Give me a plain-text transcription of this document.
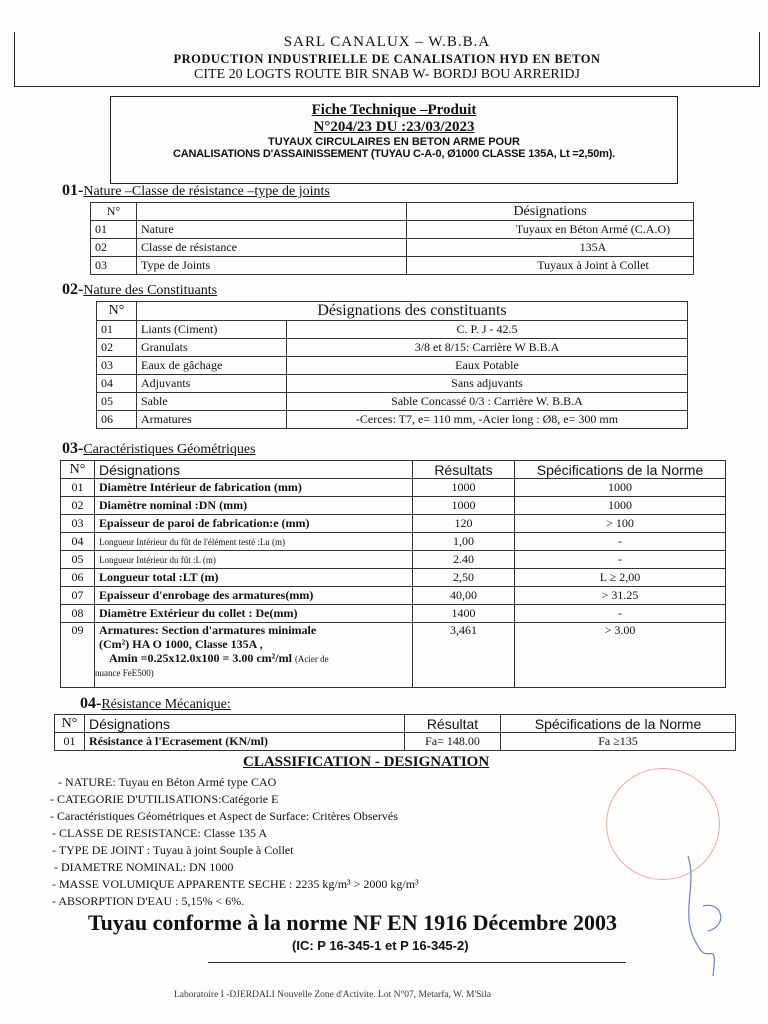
SARL CANALUX – W.B.B.A
PRODUCTION INDUSTRIELLE DE CANALISATION HYD EN BETON
CITE 20 LOGTS ROUTE BIR SNAB W- BORDJ BOU ARRERIDJ
Fiche Technique –Produit
N°204/23 DU :23/03/2023
TUYAUX CIRCULAIRES EN BETON ARME POUR
CANALISATIONS D'ASSAINISSEMENT (TUYAU C-A-0, Ø1000 CLASSE 135A, Lt =2,50m).
01-Nature –Classe de résistance –type de joints
N°		Désignations
01	Nature	Tuyaux en Béton Armé (C.A.O)
02	Classe de résistance	135A
03	Type de Joints	Tuyaux à Joint à Collet
02-Nature des Constituants
N°	Désignations des constituants	
01	Liants (Ciment)	C. P. J - 42.5
02	Granulats	3/8 et 8/15: Carrière W B.B.A
03	Eaux de gâchage	Eaux Potable
04	Adjuvants	Sans adjuvants
05	Sable	Sable Concassé 0/3 : Carrière W. B.B.A
06	Armatures	-Cerces: T7, e= 110 mm, -Acier long : Ø8, e= 300 mm
03-Caractéristiques Géométriques
N°	Désignations	Résultats	Spécifications de la Norme
01	Diamètre Intérieur de fabrication (mm)	1000	1000
02	Diamètre nominal :DN (mm)	1000	1000
03	Epaisseur de paroi de fabrication:e (mm)	120	> 100
04	Longueur Intérieur du fût de l'élément testé :Lu (m)	1,00	-
05	Longueur Intérieur du fût :L (m)	2.40	-
06	Longueur total :LT (m)	2,50	L ≥ 2,00
07	Epaisseur d'enrobage des armatures(mm)	40,00	> 31.25
08	Diamètre Extérieur du collet : De(mm)	1400	-
09	Armatures: Section d'armatures minimale
(Cm²) HA O 1000, Classe 135A ,
Amin =0.25x12.0x100 = 3.00 cm²/ml (Acier de
nuance FeE500)	3,461	> 3.00
04-Résistance Mécanique:
N°	Désignations	Résultat	Spécifications de la Norme
01	Résistance à l'Ecrasement (KN/ml)	Fa= 148.00	Fa ≥135
CLASSIFICATION - DESIGNATION
- NATURE: Tuyau en Béton Armé type CAO
- CATEGORIE D'UTILISATIONS:Catégorie E
- Caractéristiques Géométriques et Aspect de Surface: Critères Observés
- CLASSE DE RESISTANCE: Classe 135 A
- TYPE DE JOINT : Tuyau à joint Souple à Collet
- DIAMETRE NOMINAL: DN 1000
- MASSE VOLUMIQUE APPARENTE SECHE : 2235 kg/m³ > 2000 kg/m³
- ABSORPTION D'EAU : 5,15% < 6%.
Tuyau conforme à la norme NF EN 1916 Décembre 2003
(IC: P 16-345-1 et P 16-345-2)
Laboratoire I -DJERDALI Nouvelle Zone d'Activite. Lot N°07, Metarfa, W. M'Sila
